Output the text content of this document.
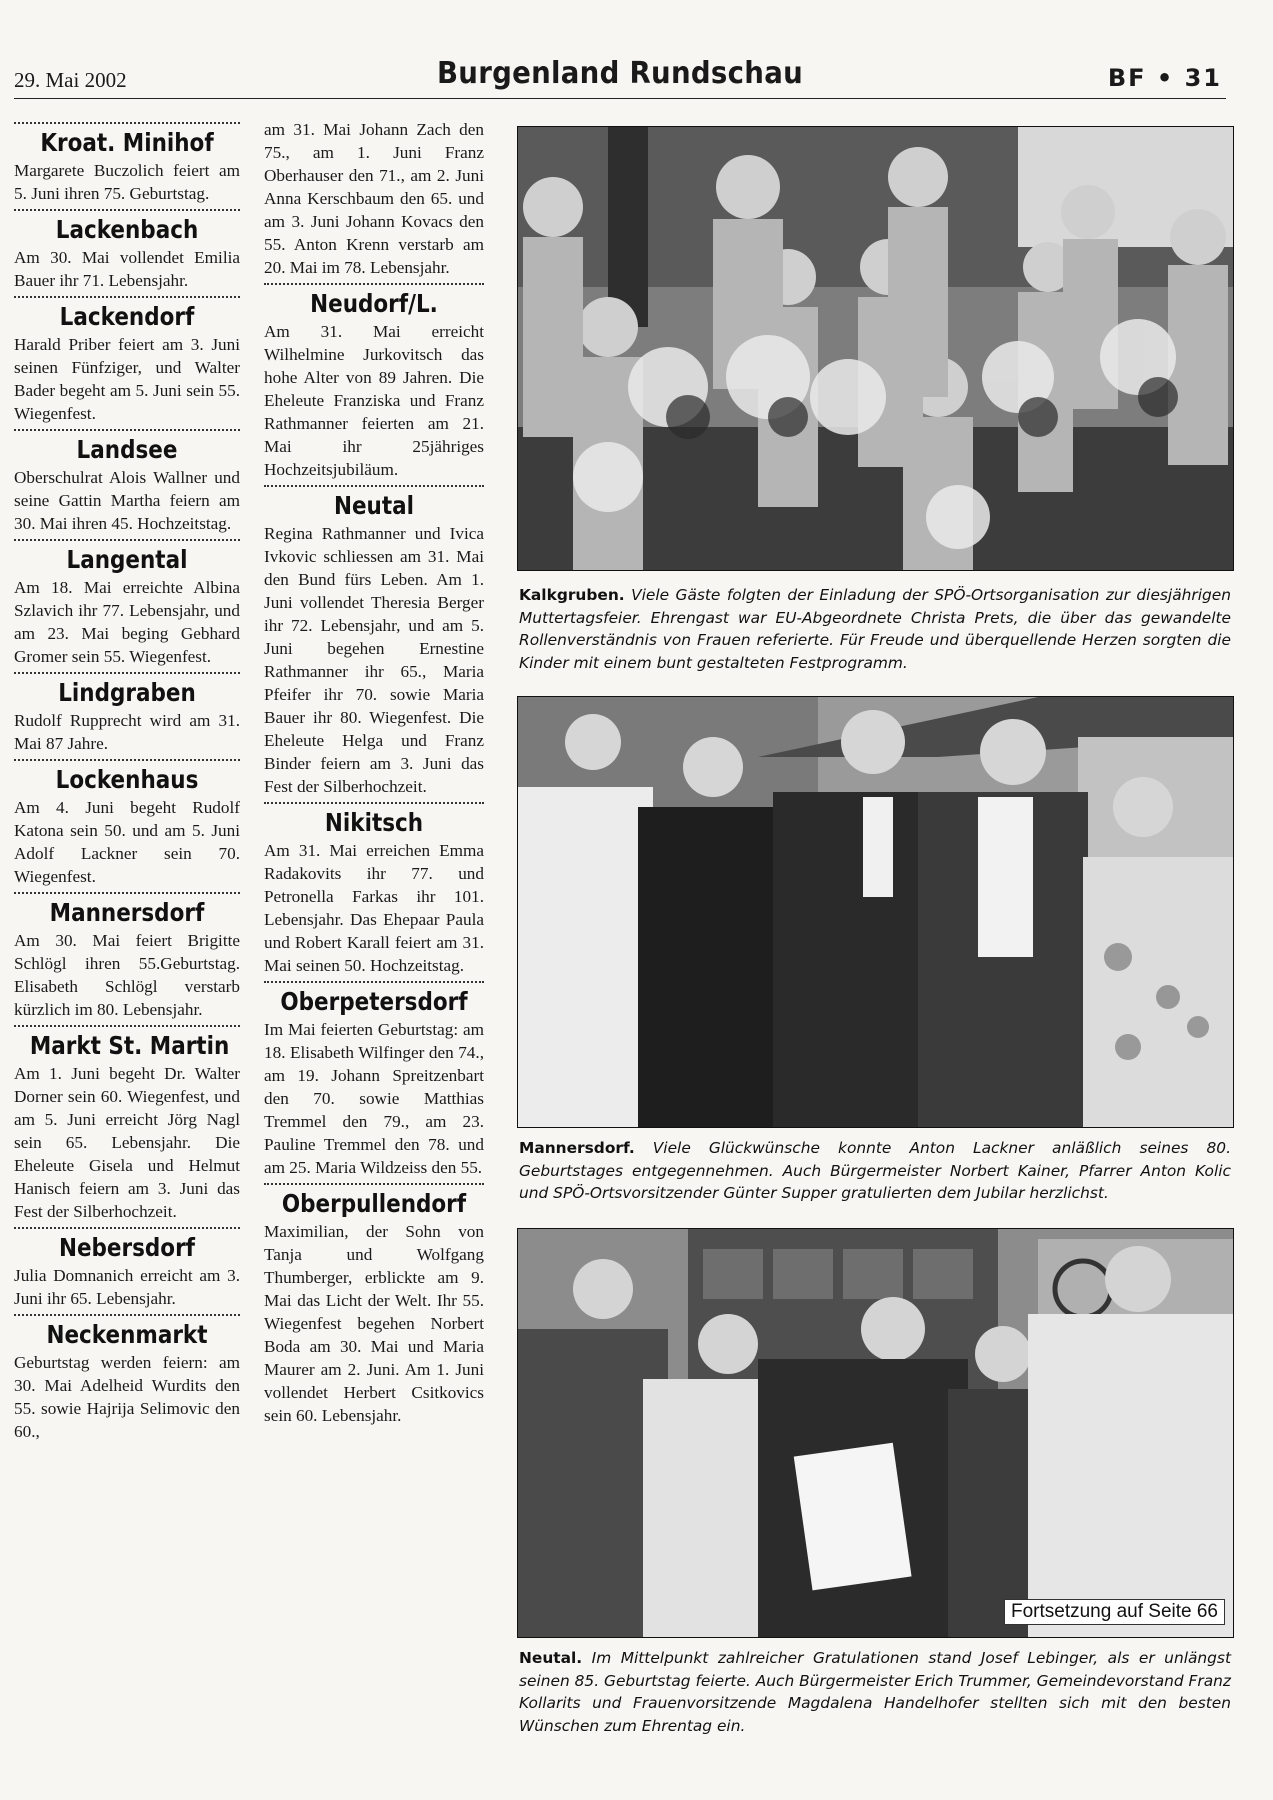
29. Mai 2002	Burgenland Rundschau	BF • 31
Kroat. Minihof

Margarete Buczolich feiert am 5. Juni ihren 75. Geburtstag.

Lackenbach

Am 30. Mai vollendet Emilia Bauer ihr 71. Lebensjahr.

Lackendorf

Harald Priber feiert am 3. Juni seinen Fünfziger, und Walter Bader begeht am 5. Juni sein 55. Wiegenfest.

Landsee

Oberschulrat Alois Wallner und seine Gattin Martha feiern am 30. Mai ihren 45. Hochzeitstag.

Langental

Am 18. Mai erreichte Albina Szlavich ihr 77. Lebensjahr, und am 23. Mai beging Gebhard Gromer sein 55. Wiegenfest.

Lindgraben

Rudolf Rupprecht wird am 31. Mai 87 Jahre.

Lockenhaus

Am 4. Juni begeht Rudolf Katona sein 50. und am 5. Juni Adolf Lackner sein 70. Wiegenfest.

Mannersdorf

Am 30. Mai feiert Brigitte Schlögl ihren 55.Geburtstag. Elisabeth Schlögl verstarb kürzlich im 80. Lebensjahr.

Markt St. Martin

Am 1. Juni begeht Dr. Walter Dorner sein 60. Wiegenfest, und am 5. Juni erreicht Jörg Nagl sein 65. Lebensjahr. Die Eheleute Gisela und Helmut Hanisch feiern am 3. Juni das Fest der Silberhochzeit.

Nebersdorf

Julia Domnanich erreicht am 3. Juni ihr 65. Lebensjahr.

Neckenmarkt

Geburtstag werden feiern: am 30. Mai Adelheid Wurdits den 55. sowie Hajrija Selimovic den 60.,

am 31. Mai Johann Zach den 75., am 1. Juni Franz Oberhauser den 71., am 2. Juni Anna Kerschbaum den 65. und am 3. Juni Johann Kovacs den 55. Anton Krenn verstarb am 20. Mai im 78. Lebensjahr.

Neudorf/L.

Am 31. Mai erreicht Wilhelmine Jurkovitsch das hohe Alter von 89 Jahren. Die Eheleute Franziska und Franz Rathmanner feierten am 21. Mai ihr 25jähriges Hochzeitsjubiläum.

Neutal

Regina Rathmanner und Ivica Ivkovic schliessen am 31. Mai den Bund fürs Leben. Am 1. Juni vollendet Theresia Berger ihr 72. Lebensjahr, und am 5. Juni begehen Ernestine Rathmanner ihr 65., Maria Pfeifer ihr 70. sowie Maria Bauer ihr 80. Wiegenfest. Die Eheleute Helga und Franz Binder feiern am 3. Juni das Fest der Silberhochzeit.

Nikitsch

Am 31. Mai erreichen Emma Radakovits ihr 77. und Petronella Farkas ihr 101. Lebensjahr. Das Ehepaar Paula und Robert Karall feiert am 31. Mai seinen 50. Hochzeitstag.

Oberpetersdorf

Im Mai feierten Geburtstag: am 18. Elisabeth Wilfinger den 74., am 19. Johann Spreitzenbart den 70. sowie Matthias Tremmel den 79., am 23. Pauline Tremmel den 78. und am 25. Maria Wildzeiss den 55.

Oberpullendorf

Maximilian, der Sohn von Tanja und Wolfgang Thumberger, erblickte am 9. Mai das Licht der Welt. Ihr 55. Wiegenfest begehen Norbert Boda am 30. Mai und Maria Maurer am 2. Juni. Am 1. Juni vollendet Herbert Csitkovics sein 60. Lebensjahr.

Kalkgruben. Viele Gäste folgten der Einladung der SPÖ-Ortsorganisation zur diesjährigen Muttertagsfeier. Ehrengast war EU-Abgeordnete Christa Prets, die über das gewandelte Rollenverständnis von Frauen referierte. Für Freude und überquellende Herzen sorgten die Kinder mit einem bunt gestalteten Festprogramm.
Mannersdorf. Viele Glückwünsche konnte Anton Lackner anläßlich seines 80. Geburtstages entgegennehmen. Auch Bürgermeister Norbert Kainer, Pfarrer Anton Kolic und SPÖ-Ortsvorsitzender Günter Supper gratulierten dem Jubilar herzlichst.
Fortsetzung auf Seite 66
Neutal. Im Mittelpunkt zahlreicher Gratulationen stand Josef Lebinger, als er unlängst seinen 85. Geburtstag feierte. Auch Bürgermeister Erich Trummer, Gemeindevorstand Franz Kollarits und Frauenvorsitzende Magdalena Handelhofer stellten sich mit den besten Wünschen zum Ehrentag ein.
